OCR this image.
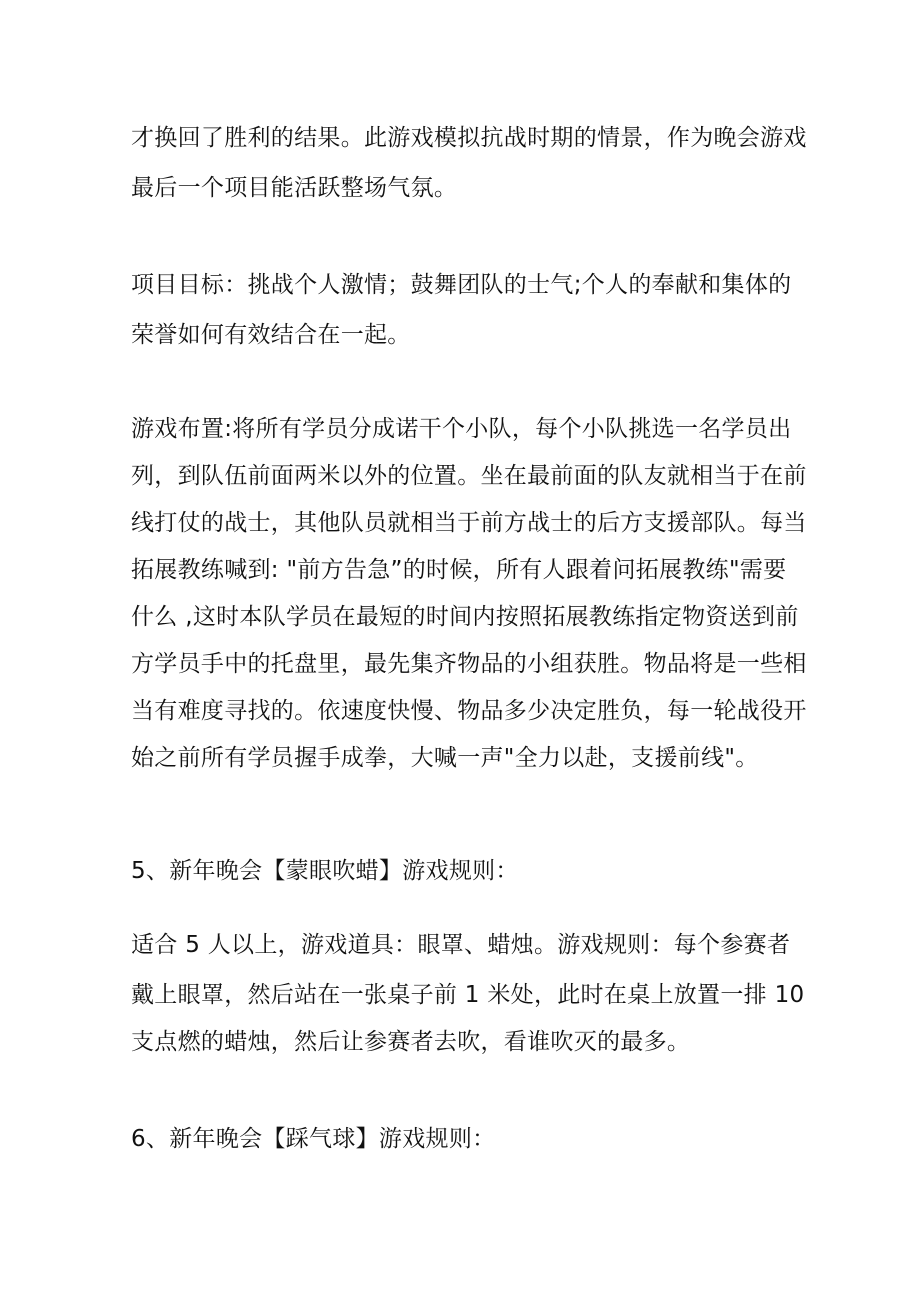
才换回了胜利的结果。此游戏模拟抗战时期的情景，作为晚会游戏

最后一个项目能活跃整场气氛。

项目目标：挑战个人激情；鼓舞团队的士气;个人的奉献和集体的

荣誉如何有效结合在一起。

游戏布置:将所有学员分成诺干个小队，每个小队挑选一名学员出

列，到队伍前面两米以外的位置。坐在最前面的队友就相当于在前

线打仗的战士，其他队员就相当于前方战士的后方支援部队。每当

拓展教练喊到: "前方告急”的时候，所有人跟着问拓展教练"需要

什么 ,这时本队学员在最短的时间内按照拓展教练指定物资送到前

方学员手中的托盘里，最先集齐物品的小组获胜。物品将是一些相

当有难度寻找的。依速度快慢、物品多少决定胜负，每一轮战役开

始之前所有学员握手成拳，大喊一声"全力以赴，支援前线"。

5、新年晚会【蒙眼吹蜡】游戏规则：

适合 5 人以上，游戏道具：眼罩、蜡烛。游戏规则：每个参赛者

戴上眼罩，然后站在一张桌子前 1 米处，此时在桌上放置一排 10

支点燃的蜡烛，然后让参赛者去吹，看谁吹灭的最多。

6、新年晚会【踩气球】游戏规则：
